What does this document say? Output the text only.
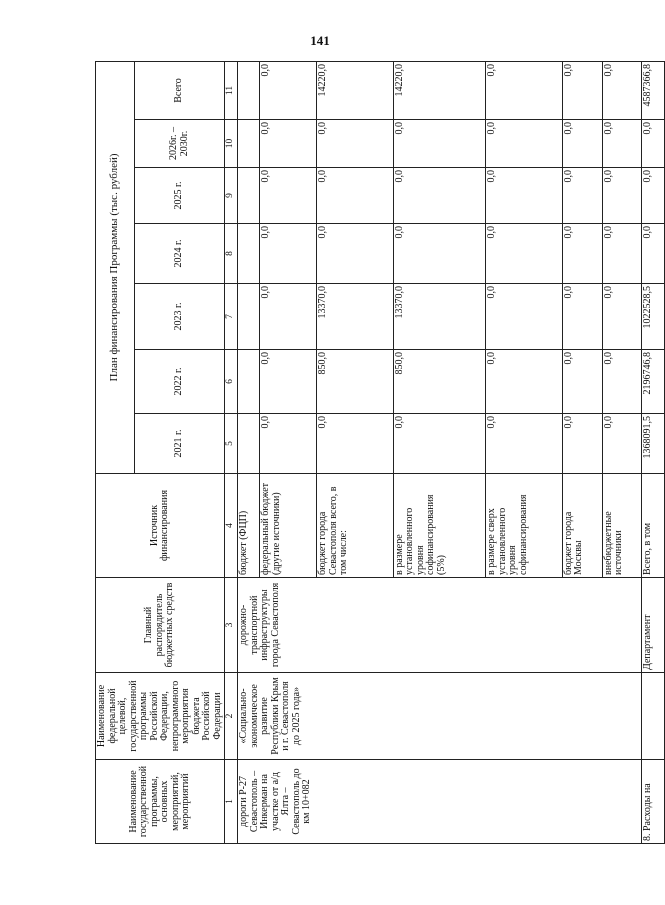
141
Наименование государственной программы, основных мероприятий, мероприятий	Наименование федеральной целевой, государственной программы Российской Федерации, непрограммного мероприятия бюджета Российской Федерации	Главный распорядитель бюджетных средств	Источник финансирования	План финансирования Программы (тыс. рублей)						
				2021 г.	2022 г.	2023 г.	2024 г.	2025 г.	2026г. – 2030г.	Всего
1	2	3	4	5	6	7	8	9	10	11
дороги Р-27 Севастополь – Инкерман на участке от а/д Ялта – Севастополь до км 10+082	«Социально-экономическое развитие Республики Крым и г. Севастополя до 2025 года»	дорожно-транспортной инфраструктуры города Севастополя	бюджет (ФЦП)							
			федеральный бюджет (другие источники)	0,0	0,0	0,0	0,0	0,0	0,0	0,0
			бюджет города Севастополя всего, в том числе:	0,0	850,0	13370,0	0,0	0,0	0,0	14220,0
			в размере установленного уровня софинансирования (5%)	0,0	850,0	13370,0	0,0	0,0	0,0	14220,0
			в размере сверх установленного уровня софинансирования	0,0	0,0	0,0	0,0	0,0	0,0	0,0
			бюджет города Москвы	0,0	0,0	0,0	0,0	0,0	0,0	0,0
			внебюджетные источники	0,0	0,0	0,0	0,0	0,0	0,0	0,0
8. Расходы на		Департамент	Всего, в том	1368091,5	2196746,8	1022528,5	0,0	0,0	0,0	4587366,8
